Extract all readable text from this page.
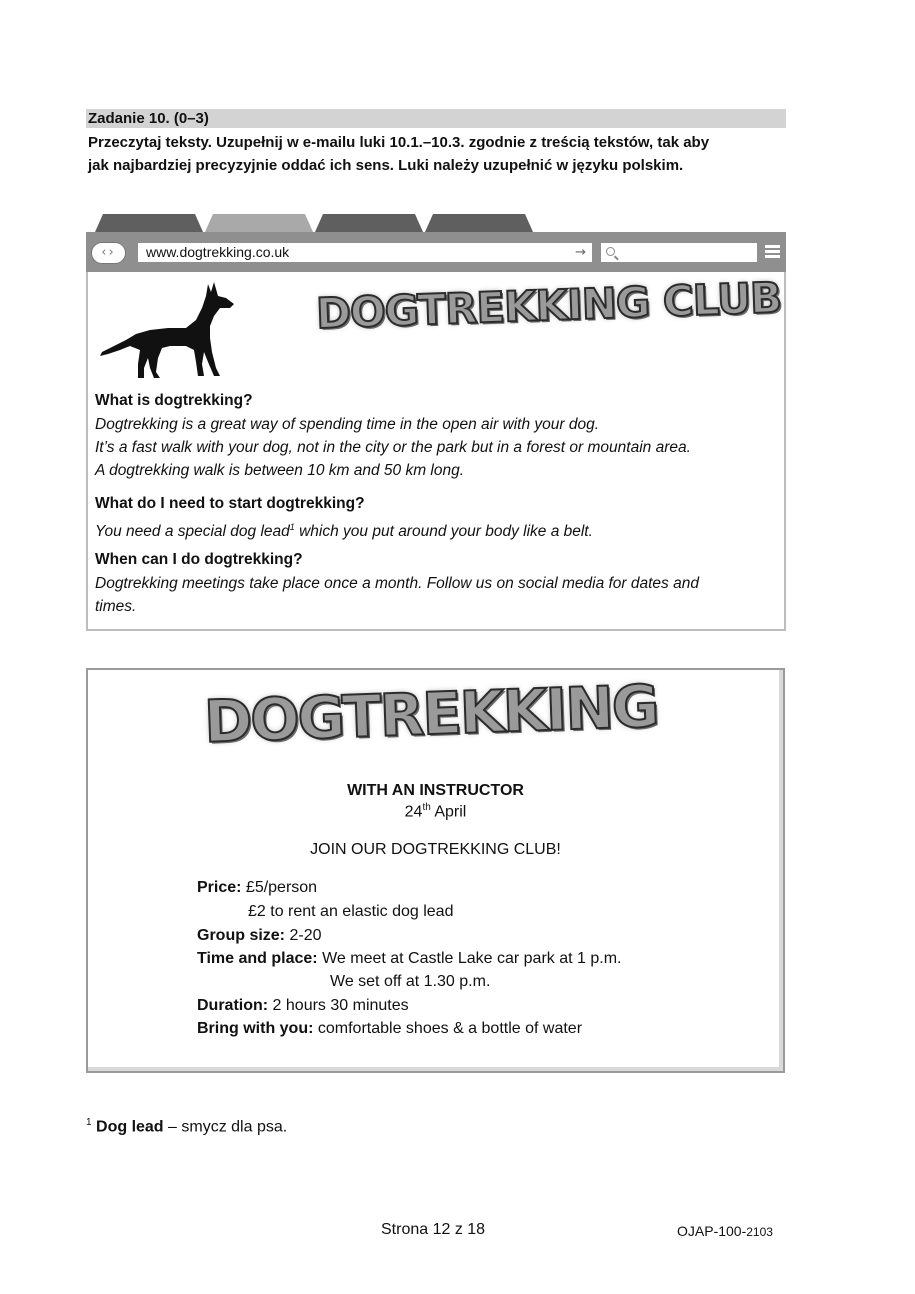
Zadanie 10. (0–3)
Przeczytaj teksty. Uzupełnij w e-mailu luki 10.1.–10.3. zgodnie z treścią tekstów, tak aby
jak najbardziej precyzyjnie oddać ich sens. Luki należy uzupełnić w języku polskim.
‹›	www.dogtrekking.co.uk	→
DOGTREKKING CLUB
What is dogtrekking?
Dogtrekking is a great way of spending time in the open air with your dog.
It’s a fast walk with your dog, not in the city or the park but in a forest or mountain area.
A dogtrekking walk is between 10 km and 50 km long.
What do I need to start dogtrekking?
You need a special dog lead$^1$ which you put around your body like a belt.
When can I do dogtrekking?
Dogtrekking meetings take place once a month. Follow us on social media for dates and
times.
DOGTREKKING
WITH AN INSTRUCTOR
24th April
JOIN OUR DOGTREKKING CLUB!
Price: £5/person
£2 to rent an elastic dog lead
Group size: 2-20
Time and place: We meet at Castle Lake car park at 1 p.m.
We set off at 1.30 p.m.
Duration: 2 hours 30 minutes
Bring with you: comfortable shoes & a bottle of water
$^1$ Dog lead – smycz dla psa.
Strona 12 z 18	OJAP-100-2103
